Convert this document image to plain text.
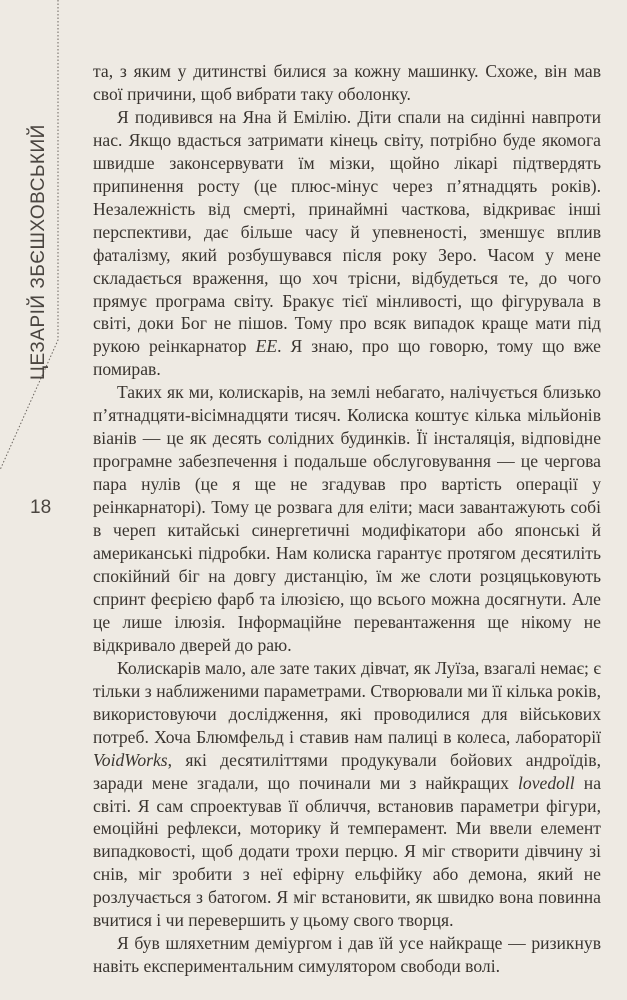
ЦЕЗАРІЙ ЗБЄШХОВСЬКИЙ
18

та, з яким у дитинстві билися за кожну машинку. Схоже, він мав свої причини, щоб вибрати таку оболонку.

Я подивився на Яна й Емілію. Діти спали на сидінні навпроти нас. Якщо вдасться затримати кінець світу, потрібно буде якомога швидше законсервувати їм мізки, щойно лікарі підтвердять припинення росту (це плюс-мінус через п’ятнадцять років). Незалежність від смерті, принаймні часткова, відкриває інші перспективи, дає більше часу й упевненості, зменшує вплив фаталізму, який розбушувався після року Зеро. Часом у мене складається враження, що хоч трісни, відбудеться те, до чого прямує програма світу. Бракує тієї мінливості, що фігурувала в світі, доки Бог не пішов. Тому про всяк випадок краще мати під рукою реінкарнатор EE. Я знаю, про що говорю, тому що вже помирав.

Таких як ми, колискарів, на землі небагато, налічується близько п’ятнадцяти-вісімнадцяти тисяч. Колиска коштує кілька мільйонів віанів — це як десять солідних будинків. Її інсталяція, відповідне програмне забезпечення і подальше обслуговування — це чергова пара нулів (це я ще не згадував про вартість операції у реінкарнаторі). Тому це розвага для еліти; маси завантажують собі в череп китайські синергетичні модифікатори або японські й американські підробки. Нам колиска гарантує протягом десятиліть спокійний біг на довгу дистанцію, їм же слоти розцяцьковують спринт феєрією фарб та ілюзією, що всього можна досягнути. Але це лише ілюзія. Інформаційне перевантаження ще нікому не відкривало дверей до раю.

Колискарів мало, але зате таких дівчат, як Луїза, взагалі немає; є тільки з наближеними параметрами. Створювали ми її кілька років, використовуючи дослідження, які проводилися для військових потреб. Хоча Блюмфельд і ставив нам палиці в колеса, лабораторії VoidWorks, які десятиліттями продукували бойових андроїдів, заради мене згадали, що починали ми з найкращих lovedoll на світі. Я сам спроектував її обличчя, встановив параметри фігури, емоційні рефлекси, моторику й темперамент. Ми ввели елемент випадковості, щоб додати трохи перцю. Я міг створити дівчину зі снів, міг зробити з неї ефірну ельфійку або демона, який не розлучається з батогом. Я міг встановити, як швидко вона повинна вчитися і чи перевершить у цьому свого творця.

Я був шляхетним деміургом і дав їй усе найкраще — ризикнув навіть експериментальним симулятором свободи волі.
